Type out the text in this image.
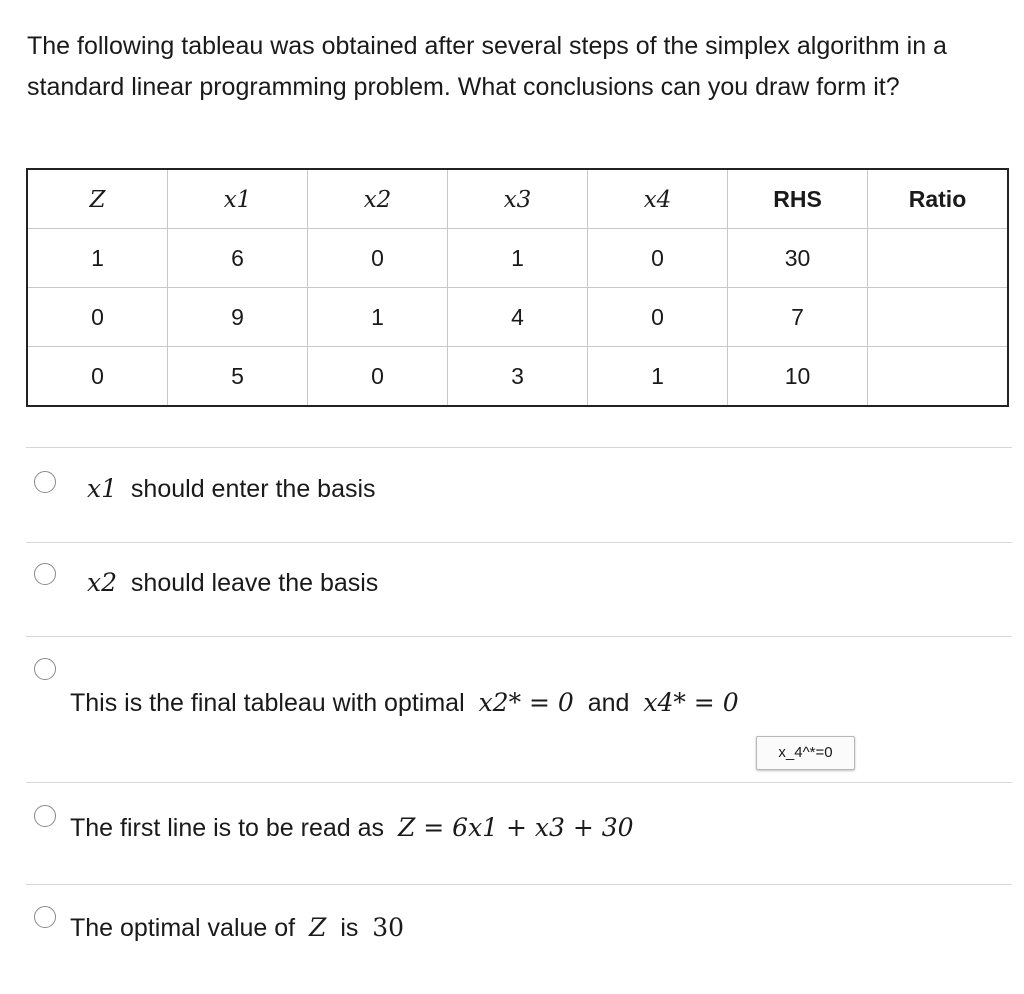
The following tableau was obtained after several steps of the simplex algorithm in a standard linear programming problem. What conclusions can you draw form it?
Z	x1	x2	x3	x4	RHS	Ratio
1	6	0	1	0	30	
0	9	1	4	0	7	
0	5	0	3	1	10	
x1 should enter the basis
x2 should leave the basis
This is the final tableau with optimal x2* = 0 and x4* = 0
x_4^*=0
The first line is to be read as Z = 6x1 + x3 + 30
The optimal value of Z is 30
